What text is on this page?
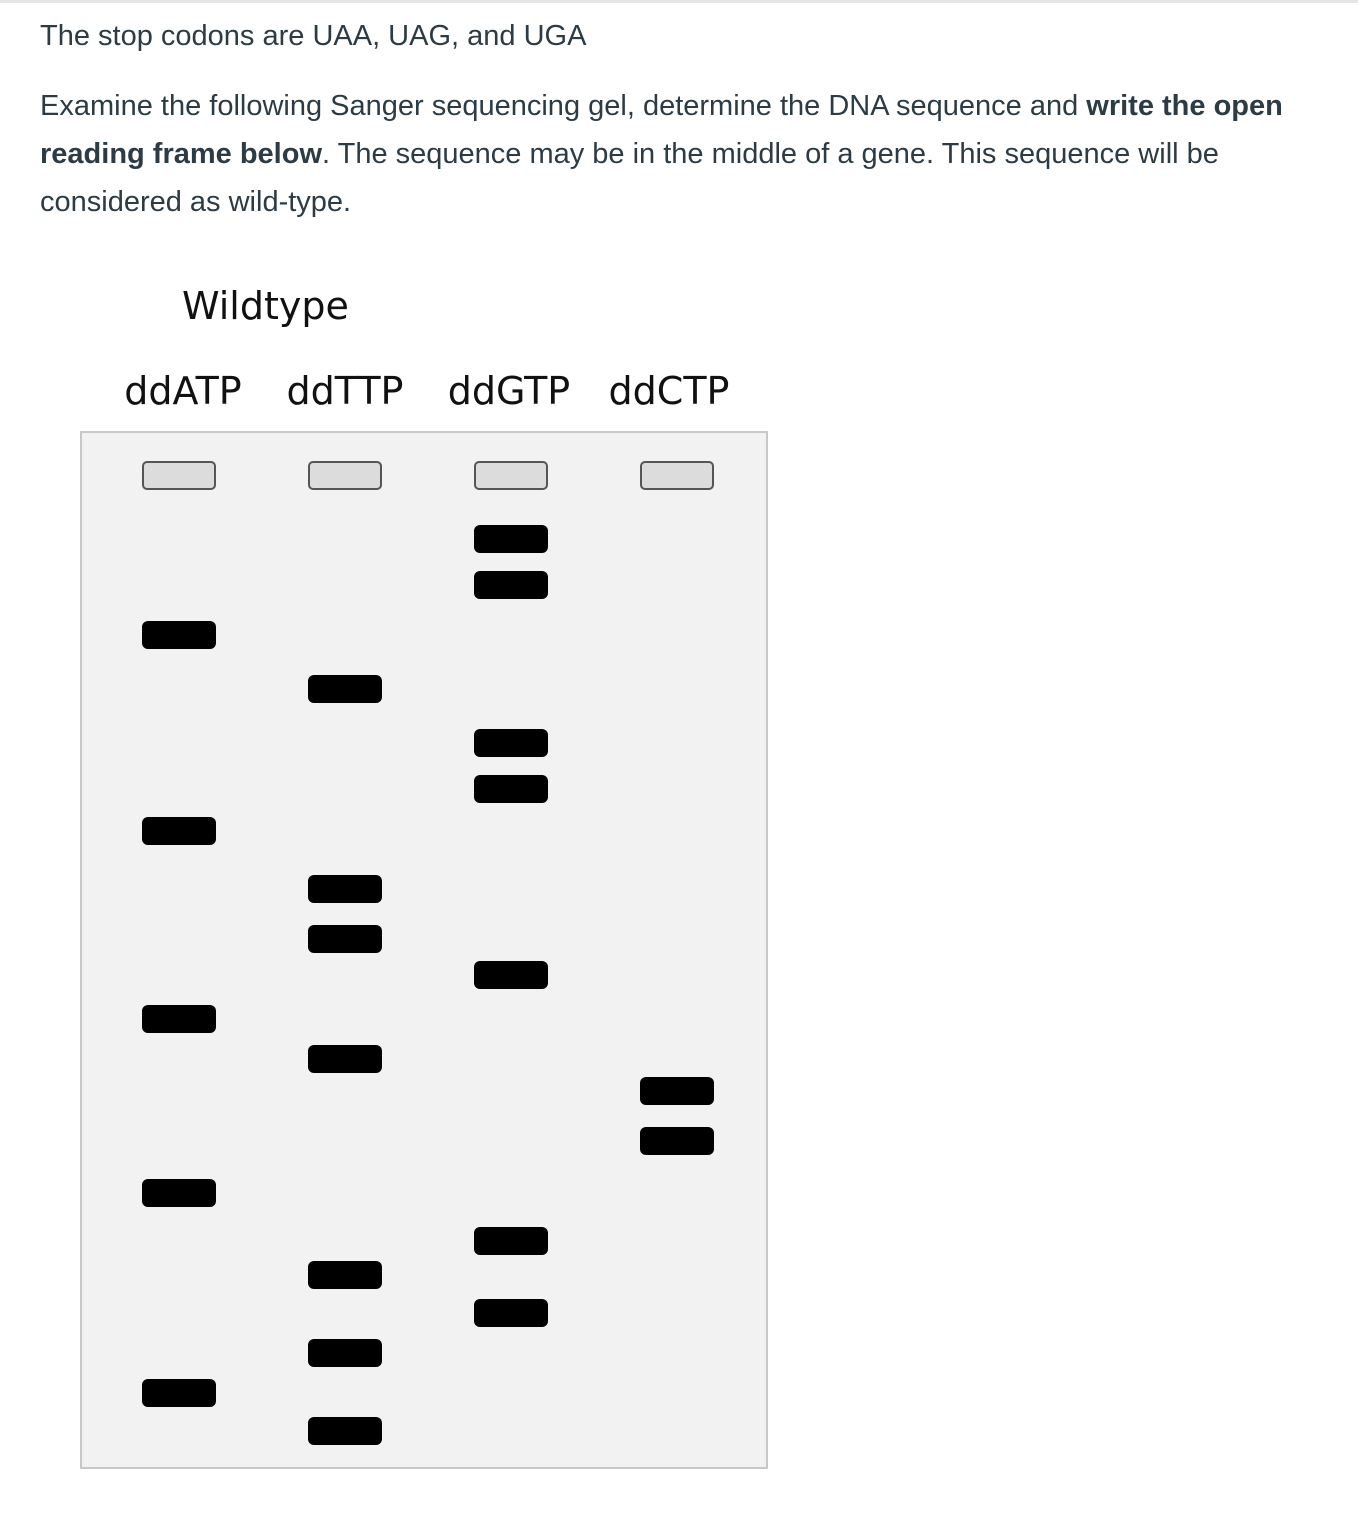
The stop codons are UAA, UAG, and UGA

Examine the following Sanger sequencing gel, determine the DNA sequence and write the open reading frame below. The sequence may be in the middle of a gene. This sequence will be considered as wild-type.

Wildtype
ddATP	ddTTP	ddGTP ddCTP
